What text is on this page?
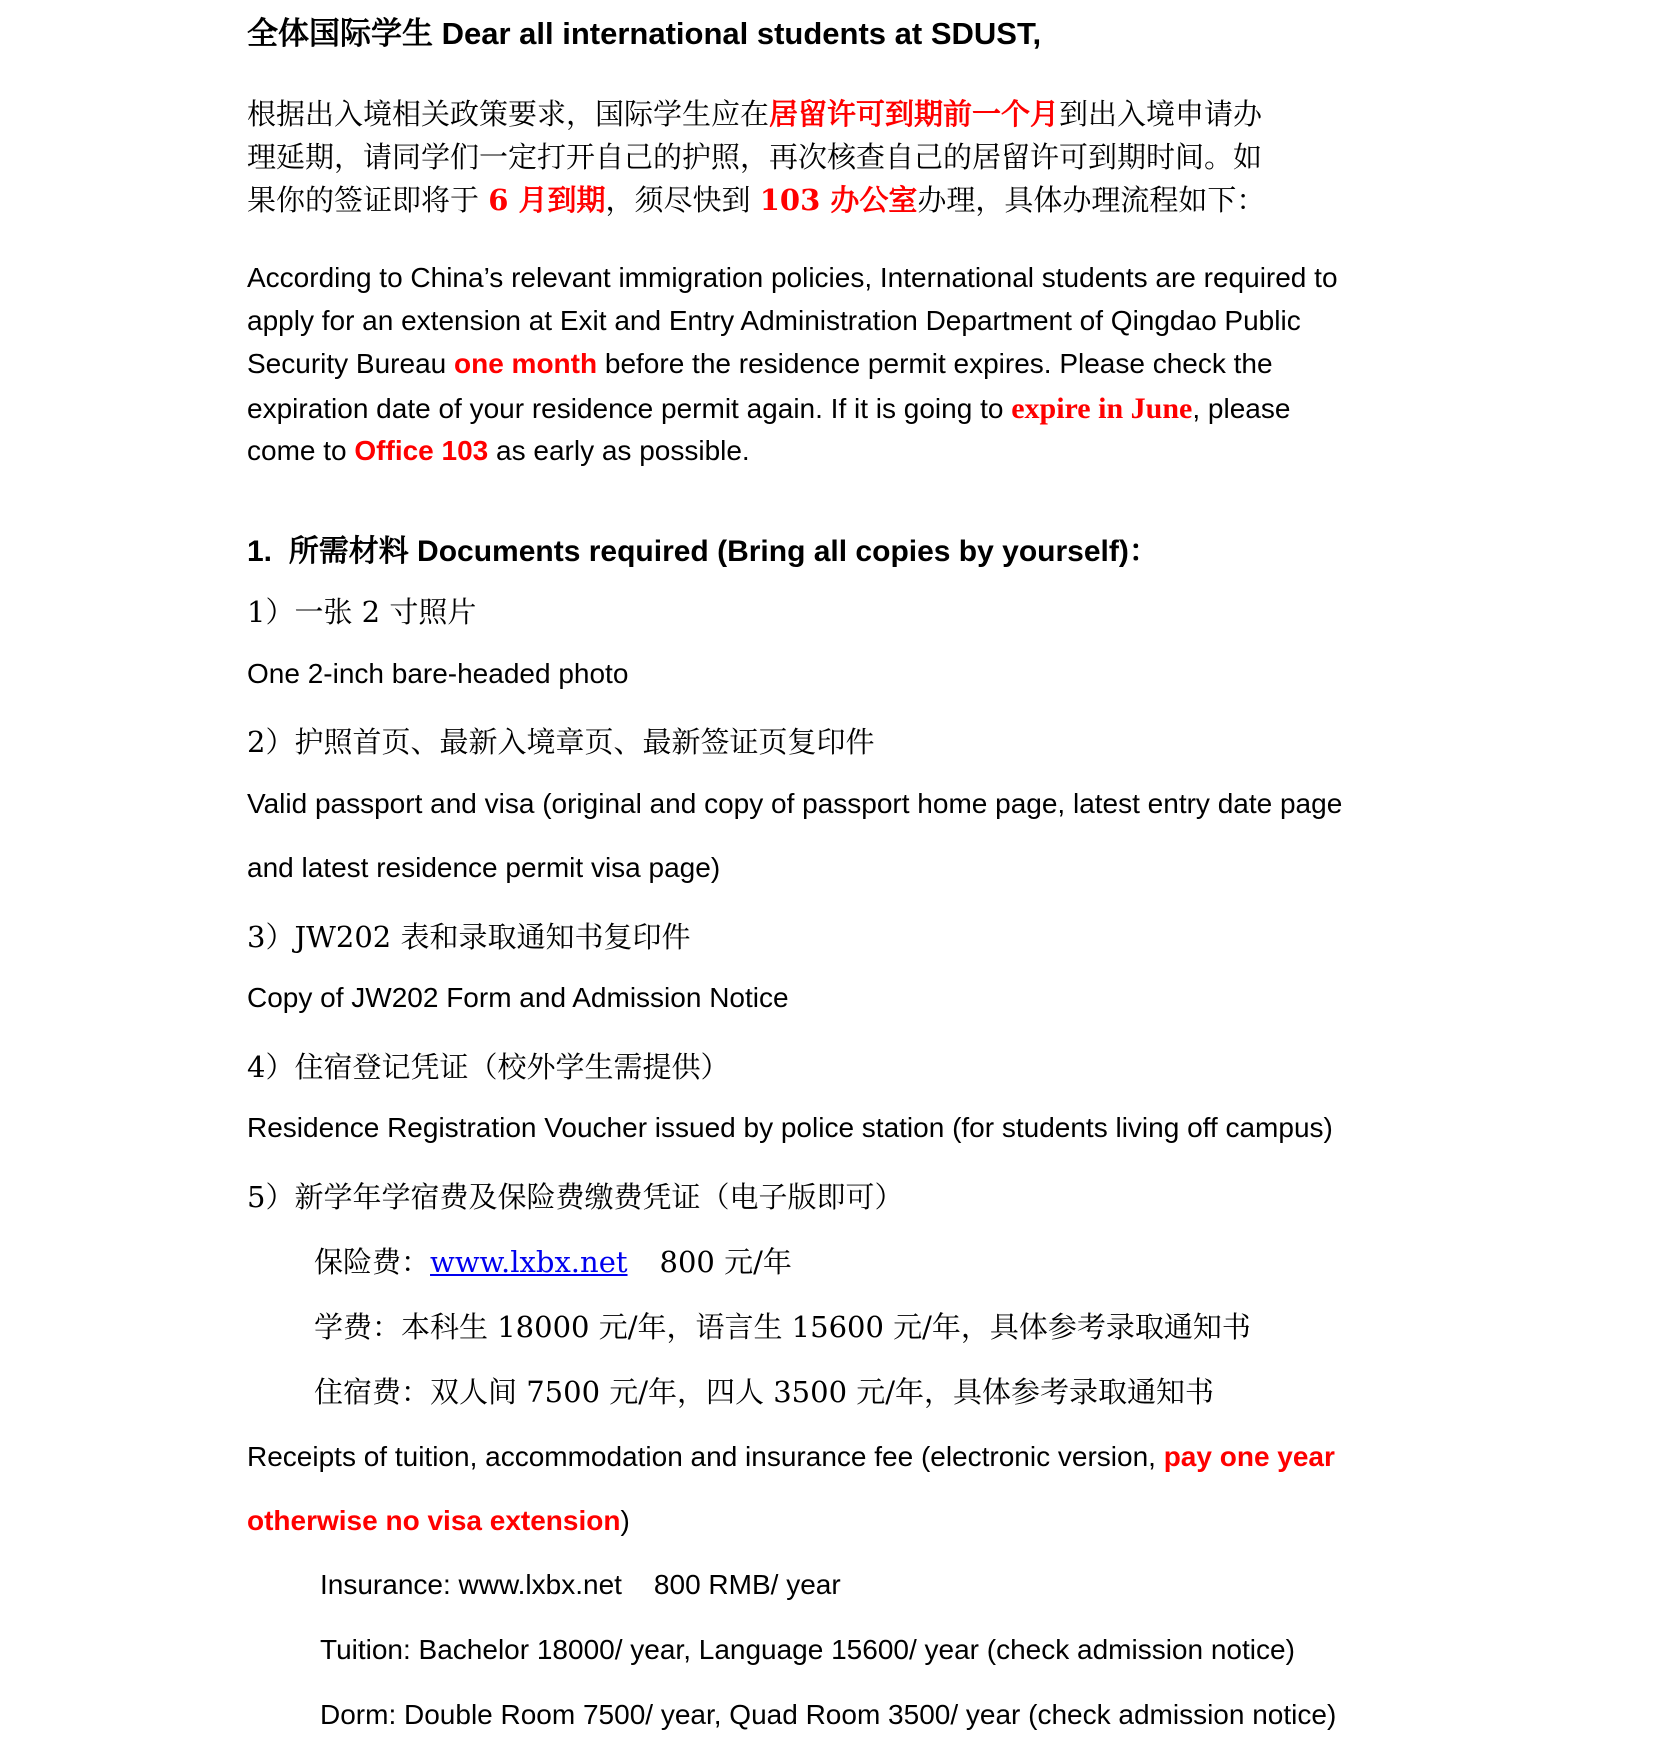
全体国际学生 Dear all international students at SDUST,
根据出入境相关政策要求，国际学生应在居留许可到期前一个月到出入境申请办
理延期，请同学们一定打开自己的护照，再次核查自己的居留许可到期时间。如
果你的签证即将于 6 月到期，须尽快到 103 办公室办理，具体办理流程如下：
According to China’s relevant immigration policies, International students are required to
apply for an extension at Exit and Entry Administration Department of Qingdao Public
Security Bureau one month before the residence permit expires. Please check the
expiration date of your residence permit again. If it is going to expire in June, please
come to Office 103 as early as possible.
1. 所需材料 Documents required (Bring all copies by yourself)：
1）一张 2 寸照片
One 2-inch bare-headed photo
2）护照首页、最新入境章页、最新签证页复印件
Valid passport and visa (original and copy of passport home page, latest entry date page
and latest residence permit visa page)
3）JW202 表和录取通知书复印件
Copy of JW202 Form and Admission Notice
4）住宿登记凭证（校外学生需提供）
Residence Registration Voucher issued by police station (for students living off campus)
5）新学年学宿费及保险费缴费凭证（电子版即可）
保险费：www.lxbx.net 800 元/年
学费：本科生 18000 元/年，语言生 15600 元/年，具体参考录取通知书
住宿费：双人间 7500 元/年，四人 3500 元/年，具体参考录取通知书
Receipts of tuition, accommodation and insurance fee (electronic version, pay one year
otherwise no visa extension)
Insurance: www.lxbx.net 800 RMB/ year
Tuition: Bachelor 18000/ year, Language 15600/ year (check admission notice)
Dorm: Double Room 7500/ year, Quad Room 3500/ year (check admission notice)
